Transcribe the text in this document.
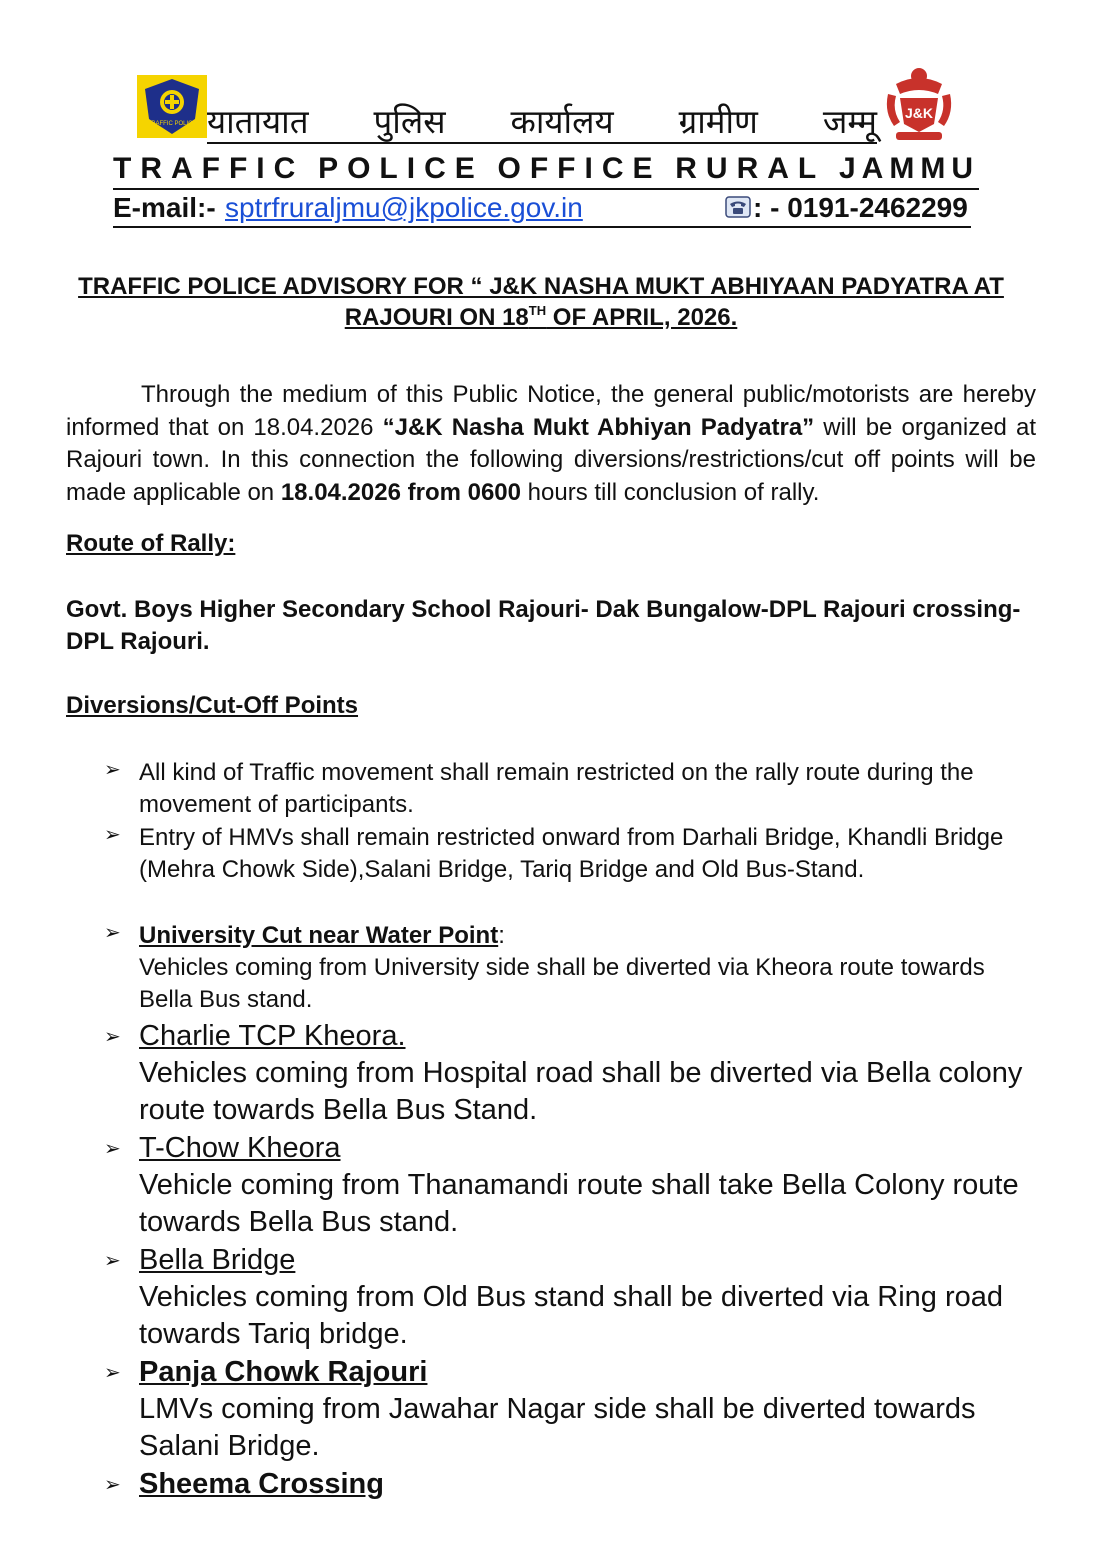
TRAFFIC POLICE यातायात पुलिस कार्यालय ग्रामीण जम्मू J&K
TRAFFIC POLICE OFFICE RURAL JAMMU
E-mail:- sptrfruraljmu@jkpolice.gov.in	: - 0191-2462299
TRAFFIC POLICE ADVISORY FOR “ J&K NASHA MUKT ABHIYAAN PADYATRA AT
RAJOURI ON 18TH OF APRIL, 2026.
Through the medium of this Public Notice, the general public/motorists are hereby informed that on 18.04.2026 “J&K Nasha Mukt Abhiyan Padyatra” will be organized at Rajouri town. In this connection the following diversions/restrictions/cut off points will be made applicable on 18.04.2026 from 0600 hours till conclusion of rally.
Route of Rally:
Govt. Boys Higher Secondary School Rajouri- Dak Bungalow-DPL Rajouri crossing- DPL Rajouri.
Diversions/Cut-Off Points
➢ All kind of Traffic movement shall remain restricted on the rally route during the movement of participants.
➢ Entry of HMVs shall remain restricted onward from Darhali Bridge, Khandli Bridge (Mehra Chowk Side),Salani Bridge, Tariq Bridge and Old Bus-Stand.
➢ University Cut near Water Point:
Vehicles coming from University side shall be diverted via Kheora route towards Bella Bus stand.
➢ Charlie TCP Kheora.
Vehicles coming from Hospital road shall be diverted via Bella colony route towards Bella Bus Stand.
➢ T-Chow Kheora
Vehicle coming from Thanamandi route shall take Bella Colony route towards Bella Bus stand.
➢ Bella Bridge
Vehicles coming from Old Bus stand shall be diverted via Ring road towards Tariq bridge.
➢ Panja Chowk Rajouri
LMVs coming from Jawahar Nagar side shall be diverted towards Salani Bridge.
➢ Sheema Crossing
